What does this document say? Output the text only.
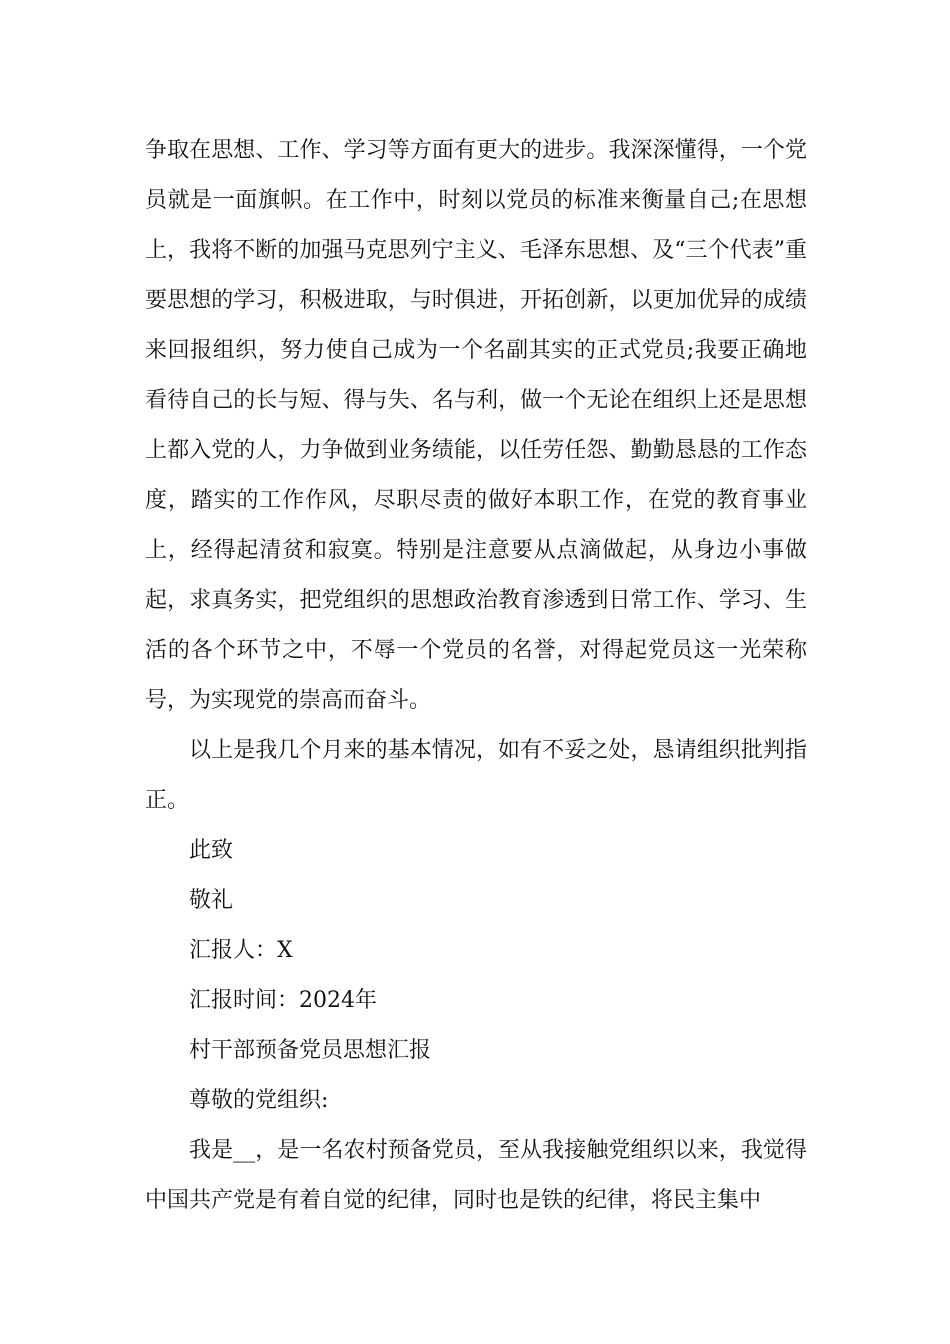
争取在思想、工作、学习等方面有更大的进步。我深深懂得，一个党员就是一面旗帜。在工作中，时刻以党员的标准来衡量自己;在思想上，我将不断的加强马克思列宁主义、毛泽东思想、及“三个代表”重要思想的学习，积极进取，与时俱进，开拓创新，以更加优异的成绩来回报组织，努力使自己成为一个名副其实的正式党员;我要正确地看待自己的长与短、得与失、名与利，做一个无论在组织上还是思想上都入党的人，力争做到业务绩能，以任劳任怨、勤勤恳恳的工作态度，踏实的工作作风，尽职尽责的做好本职工作，在党的教育事业上，经得起清贫和寂寞。特别是注意要从点滴做起，从身边小事做起，求真务实，把党组织的思想政治教育渗透到日常工作、学习、生活的各个环节之中，不辱一个党员的名誉，对得起党员这一光荣称号，为实现党的崇高而奋斗。

以上是我几个月来的基本情况，如有不妥之处，恳请组织批判指正。

此致

敬礼

汇报人：X

汇报时间：2024年

村干部预备党员思想汇报

尊敬的党组织:

我是__，是一名农村预备党员，至从我接触党组织以来，我觉得中国共产党是有着自觉的纪律，同时也是铁的纪律，将民主集中
